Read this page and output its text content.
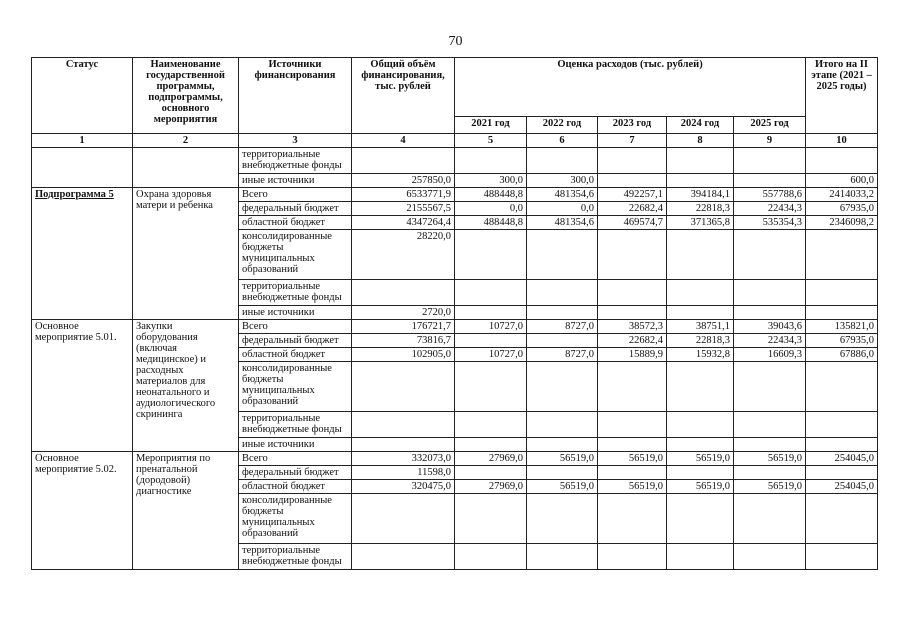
70
Статус	Наименование государственной программы, подпрограммы, основного мероприятия	Источники финансирования	Общий объём финансирования, тыс. рублей	Оценка расходов (тыс. рублей)					Итого на II этапе (2021 – 2025 годы)
				2021 год	2022 год	2023 год	2024 год	2025 год	
1	2	3	4	5	6	7	8	9	10
		территориальные внебюджетные фонды							
		иные источники	257850,0	300,0	300,0				600,0
Подпрограмма 5	Охрана здоровья матери и ребенка	Всего	6533771,9	488448,8	481354,6	492257,1	394184,1	557788,6	2414033,2
		федеральный бюджет	2155567,5	0,0	0,0	22682,4	22818,3	22434,3	67935,0
		областной бюджет	4347264,4	488448,8	481354,6	469574,7	371365,8	535354,3	2346098,2
		консолидированные бюджеты муниципальных образований	28220,0						
		территориальные внебюджетные фонды							
		иные источники	2720,0						
Основное мероприятие 5.01.	Закупки оборудования (включая медицинское) и расходных материалов для неонатального и аудиологического скрининга	Всего	176721,7	10727,0	8727,0	38572,3	38751,1	39043,6	135821,0
		федеральный бюджет	73816,7			22682,4	22818,3	22434,3	67935,0
		областной бюджет	102905,0	10727,0	8727,0	15889,9	15932,8	16609,3	67886,0
		консолидированные бюджеты муниципальных образований							
		территориальные внебюджетные фонды							
		иные источники							
Основное мероприятие 5.02.	Мероприятия по пренатальной (дородовой) диагностике	Всего	332073,0	27969,0	56519,0	56519,0	56519,0	56519,0	254045,0
		федеральный бюджет	11598,0						
		областной бюджет	320475,0	27969,0	56519,0	56519,0	56519,0	56519,0	254045,0
		консолидированные бюджеты муниципальных образований							
		территориальные внебюджетные фонды							
